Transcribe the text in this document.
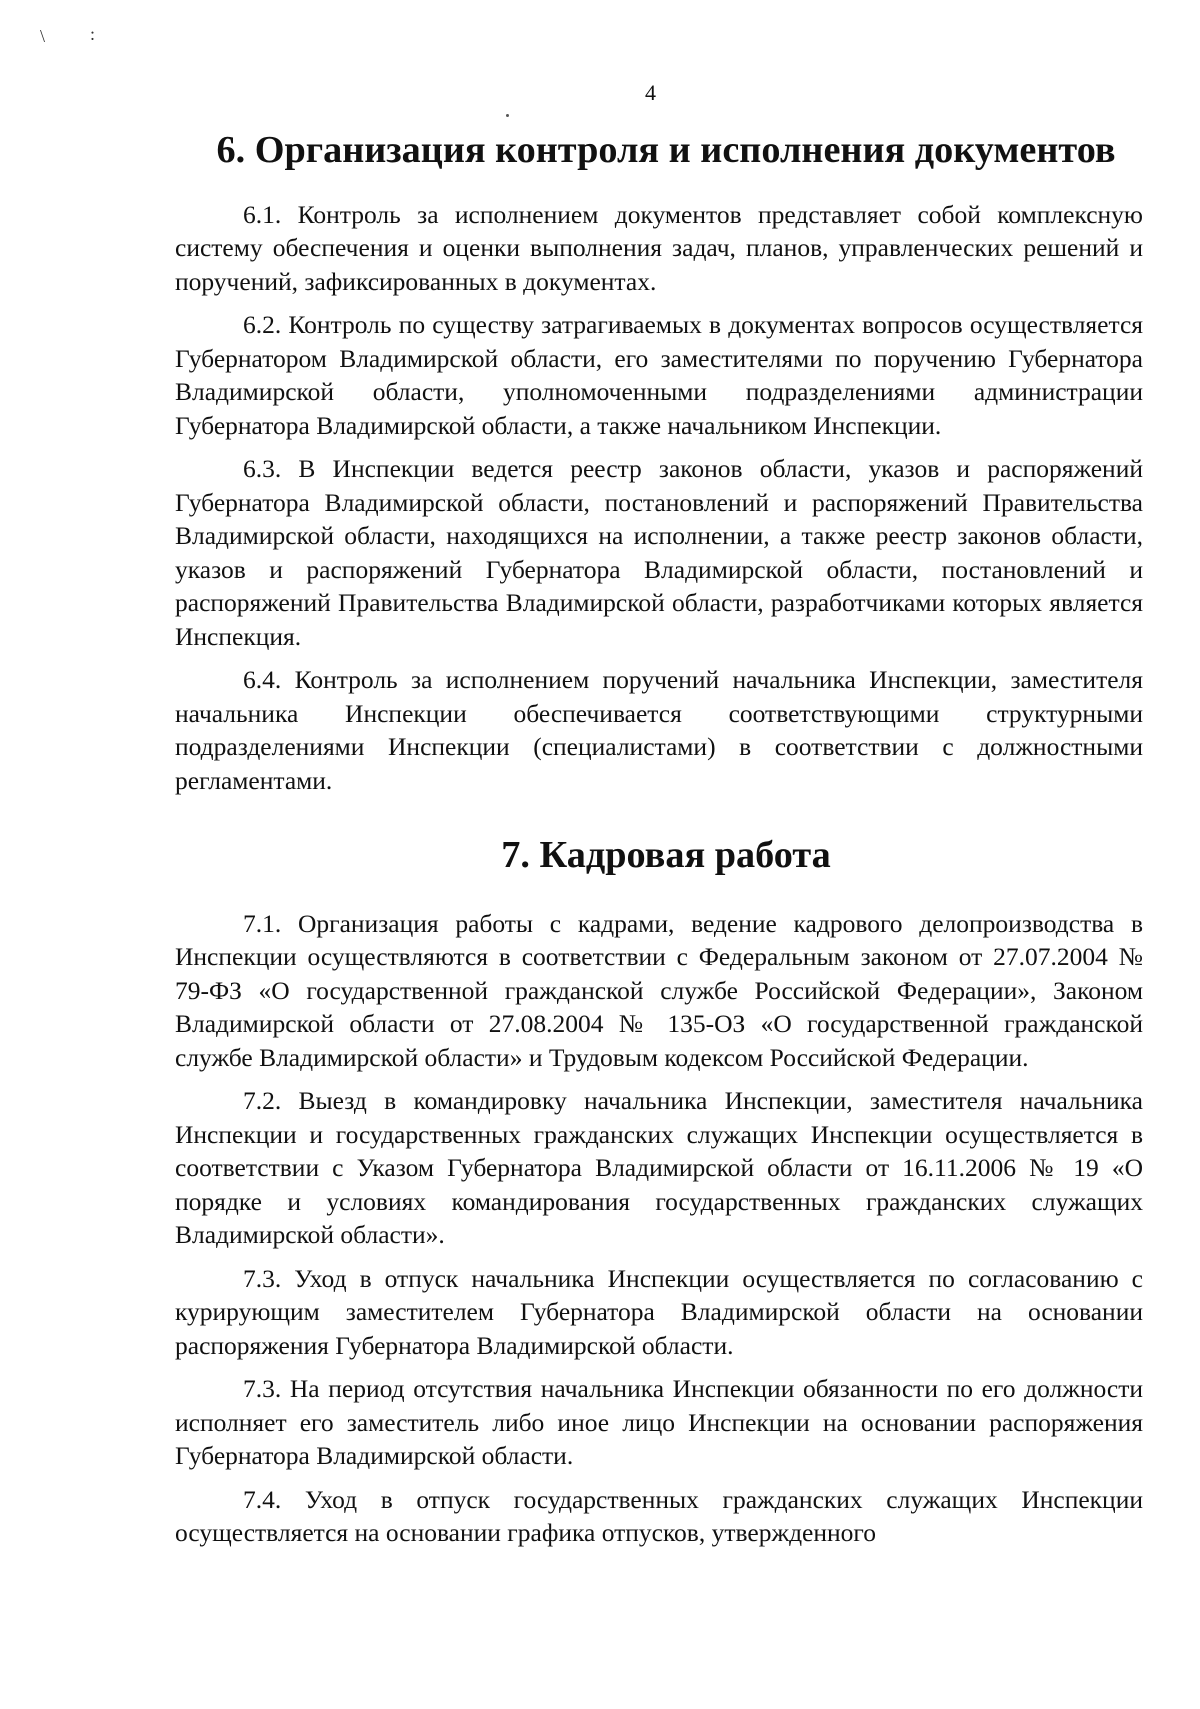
\ :
4
6. Организация контроля и исполнения документов

6.1. Контроль за исполнением документов представляет собой комплексную систему обеспечения и оценки выполнения задач, планов, управленческих решений и поручений, зафиксированных в документах.

6.2. Контроль по существу затрагиваемых в документах вопросов осуществляется Губернатором Владимирской области, его заместителями по поручению Губернатора Владимирской области, уполномоченными подразделениями администрации Губернатора Владимирской области, а также начальником Инспекции.

6.3. В Инспекции ведется реестр законов области, указов и распоряжений Губернатора Владимирской области, постановлений и распоряжений Правительства Владимирской области, находящихся на исполнении, а также реестр законов области, указов и распоряжений Губернатора Владимирской области, постановлений и распоряжений Правительства Владимирской области, разработчиками которых является Инспекция.

6.4. Контроль за исполнением поручений начальника Инспекции, заместителя начальника Инспекции обеспечивается соответствующими структурными подразделениями Инспекции (специалистами) в соответствии с должностными регламентами.

7. Кадровая работа

7.1. Организация работы с кадрами, ведение кадрового делопроизводства в Инспекции осуществляются в соответствии с Федеральным законом от 27.07.2004 № 79-ФЗ «О государственной гражданской службе Российской Федерации», Законом Владимирской области от 27.08.2004 № 135-ОЗ «О государственной гражданской службе Владимирской области» и Трудовым кодексом Российской Федерации.

7.2. Выезд в командировку начальника Инспекции, заместителя начальника Инспекции и государственных гражданских служащих Инспекции осуществляется в соответствии с Указом Губернатора Владимирской области от 16.11.2006 № 19 «О порядке и условиях командирования государственных гражданских служащих Владимирской области».

7.3. Уход в отпуск начальника Инспекции осуществляется по согласованию с курирующим заместителем Губернатора Владимирской области на основании распоряжения Губернатора Владимирской области.

7.3. На период отсутствия начальника Инспекции обязанности по его должности исполняет его заместитель либо иное лицо Инспекции на основании распоряжения Губернатора Владимирской области.

7.4. Уход в отпуск государственных гражданских служащих Инспекции осуществляется на основании графика отпусков, утвержденного
